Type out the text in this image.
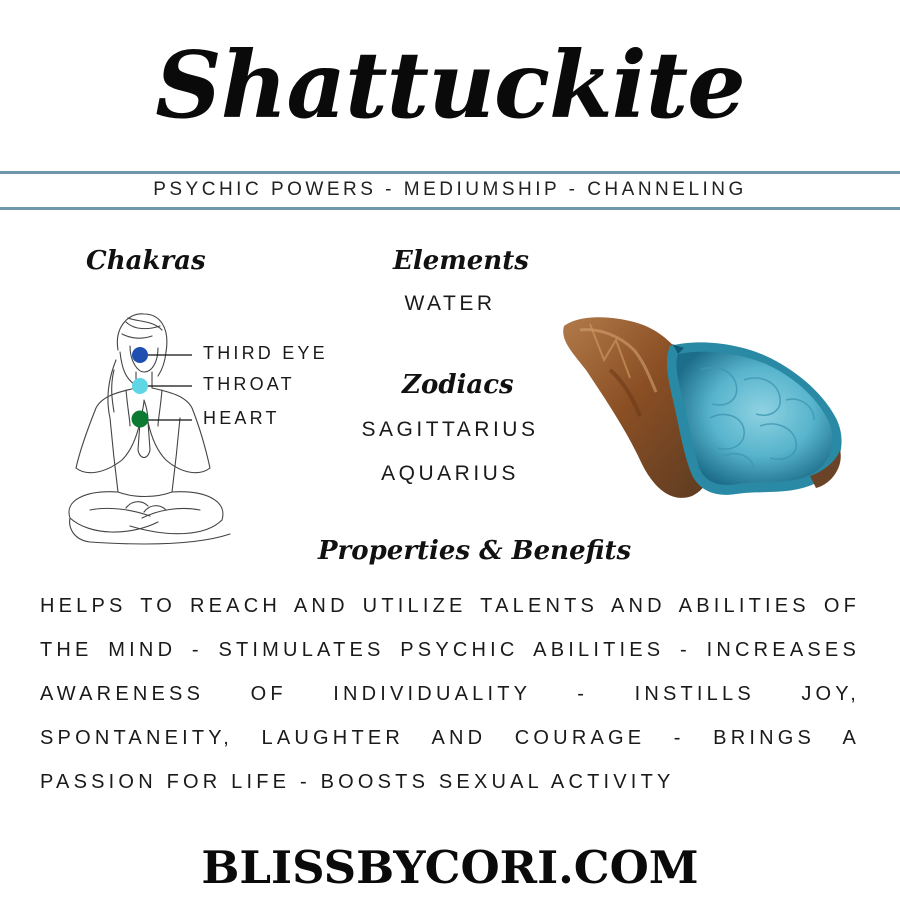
Shattuckite
PSYCHIC POWERS - MEDIUMSHIP - CHANNELING
Chakras	Elements
WATER
Zodiacs
SAGITTARIUS
AQUARIUS
THIRD EYE
THROAT
HEART
Properties & Benefits
HELPS TO REACH AND UTILIZE TALENTS AND ABILITIES OF THE MIND - STIMULATES PSYCHIC ABILITIES - INCREASES AWARENESS OF INDIVIDUALITY - INSTILLS JOY, SPONTANEITY, LAUGHTER AND COURAGE - BRINGS A PASSION FOR LIFE - BOOSTS SEXUAL ACTIVITY
BLISSBYCORI.COM
